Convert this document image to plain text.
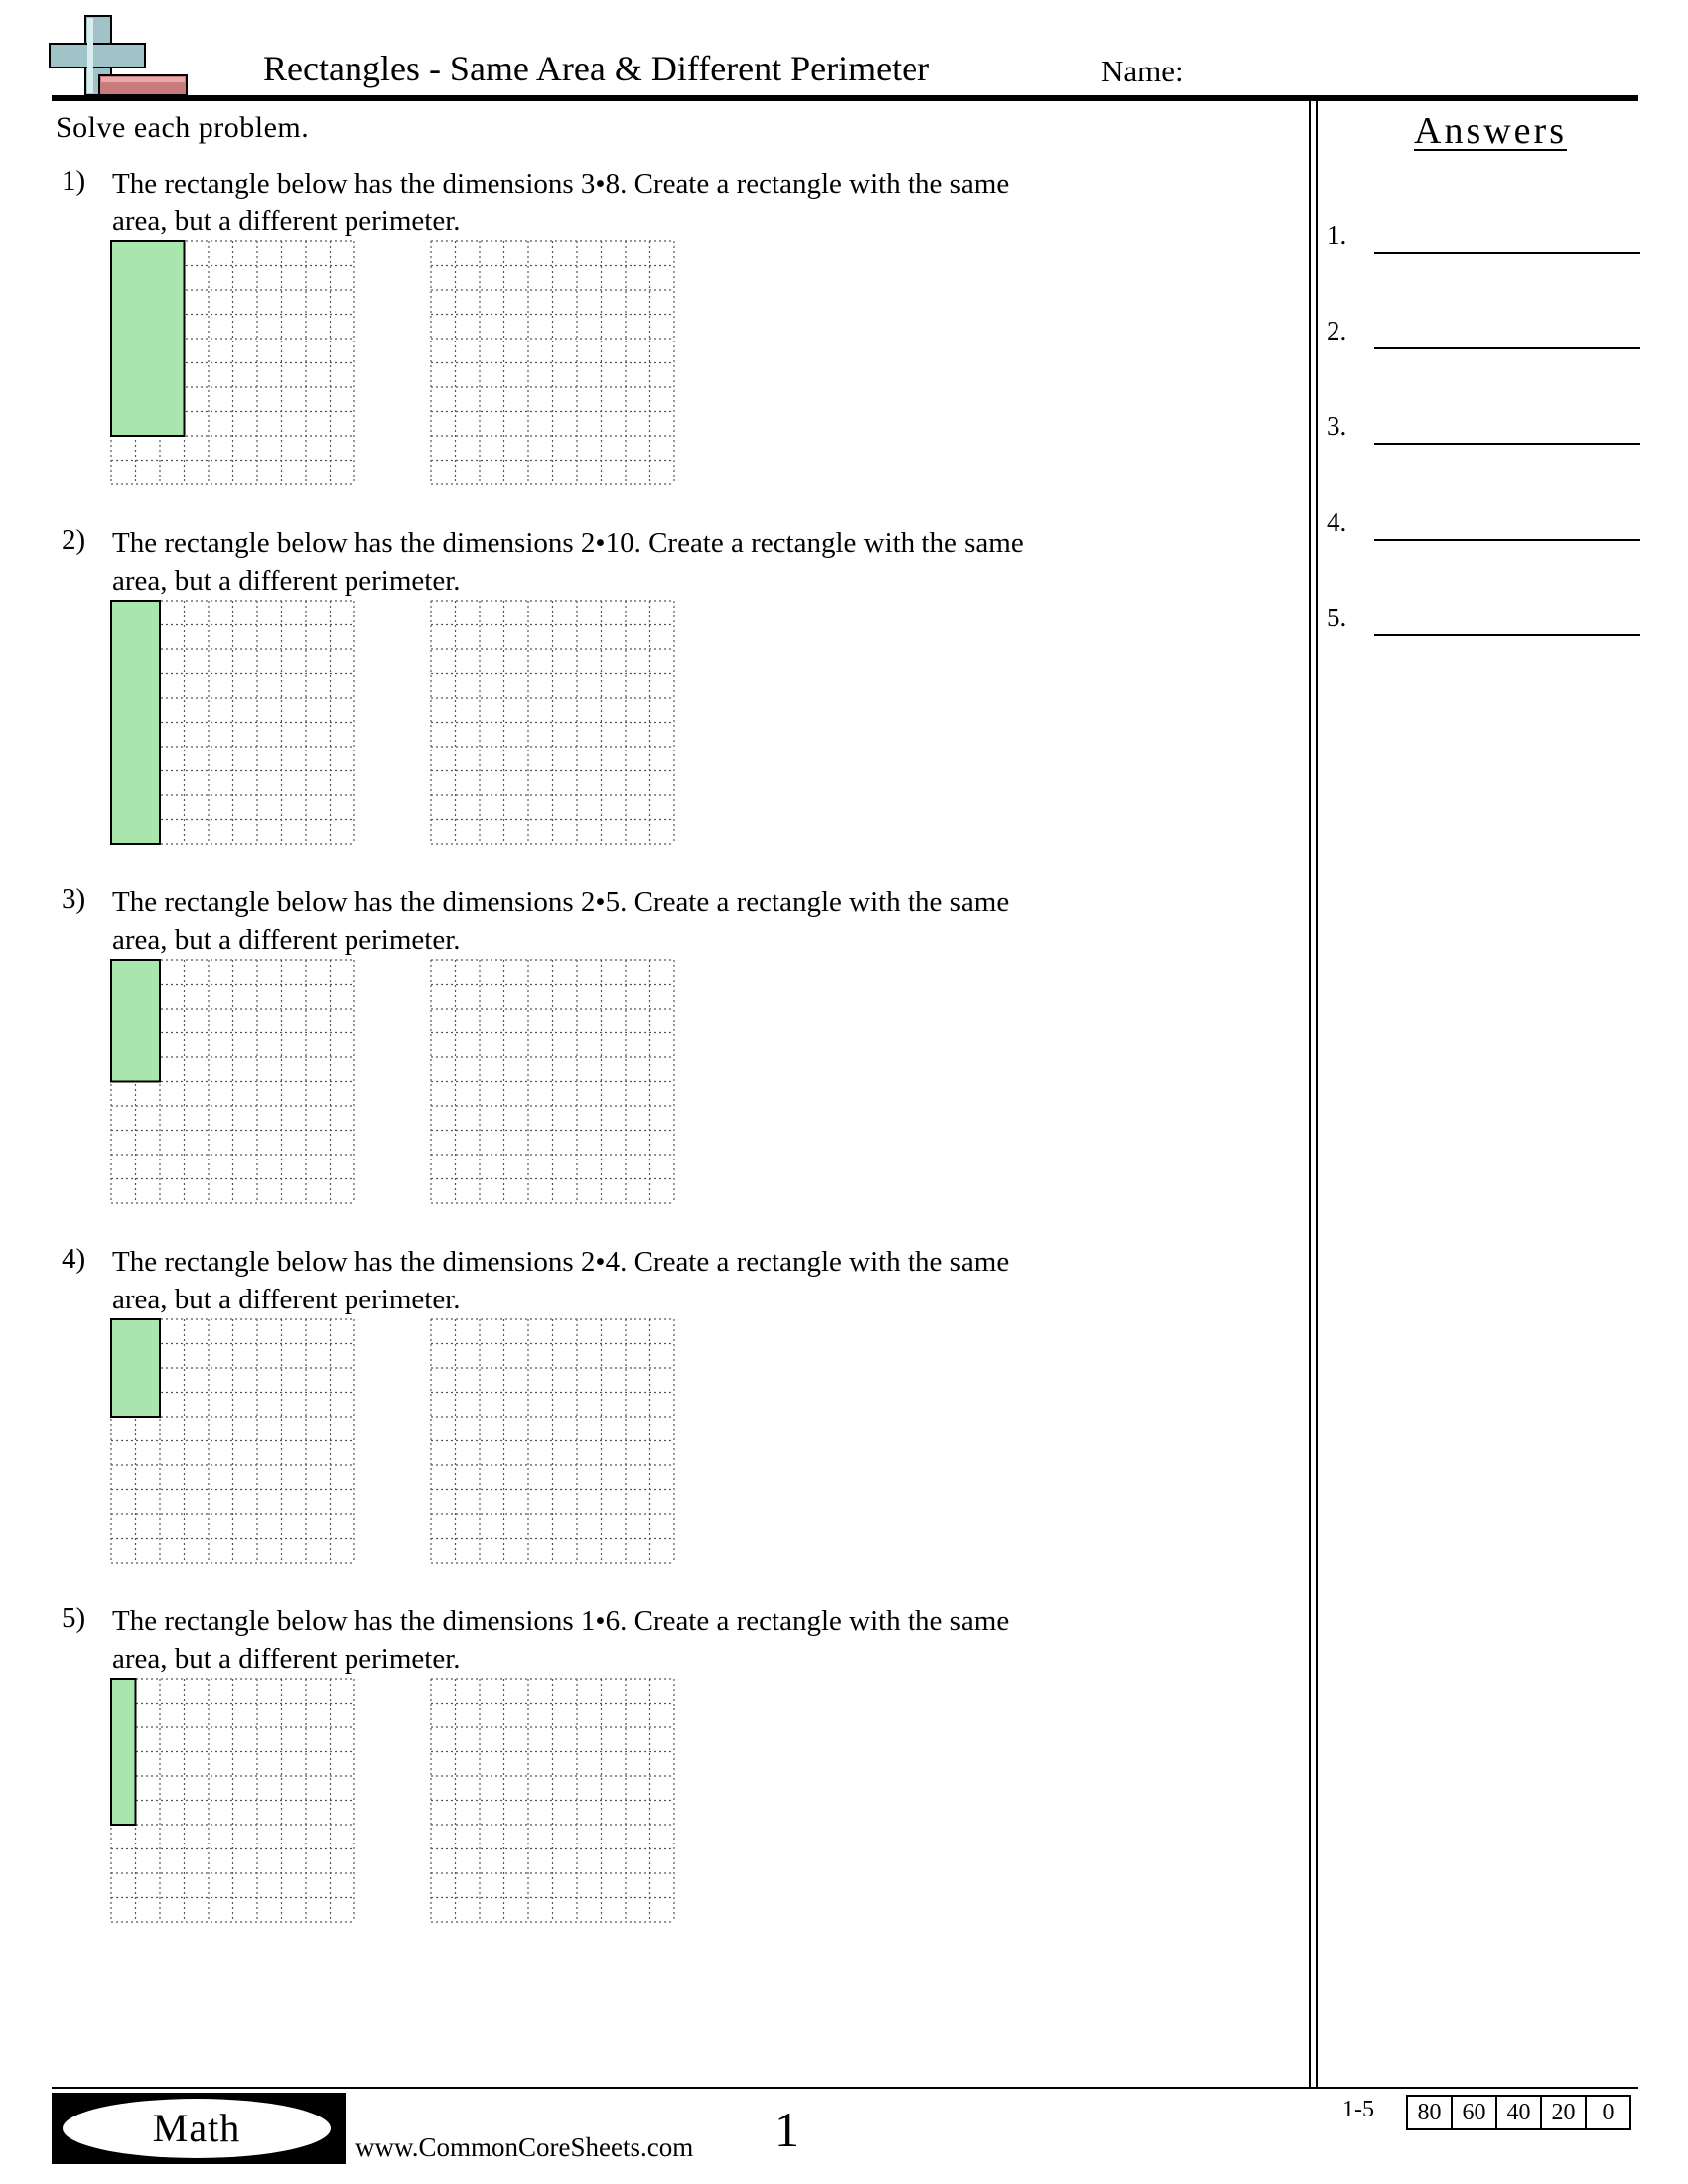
Rectangles - Same Area & Different Perimeter	Name:
Solve each problem.
1) The rectangle below has the dimensions 3•8. Create a rectangle with the same
area, but a different perimeter.
2) The rectangle below has the dimensions 2•10. Create a rectangle with the same
area, but a different perimeter.
3) The rectangle below has the dimensions 2•5. Create a rectangle with the same
area, but a different perimeter.
4) The rectangle below has the dimensions 2•4. Create a rectangle with the same
area, but a different perimeter.
5) The rectangle below has the dimensions 1•6. Create a rectangle with the same
area, but a different perimeter.
Answers
1.
2.
3.
4.
5.
Math	www.CommonCoreSheets.com 1	1-5	80 60 40 20	0
